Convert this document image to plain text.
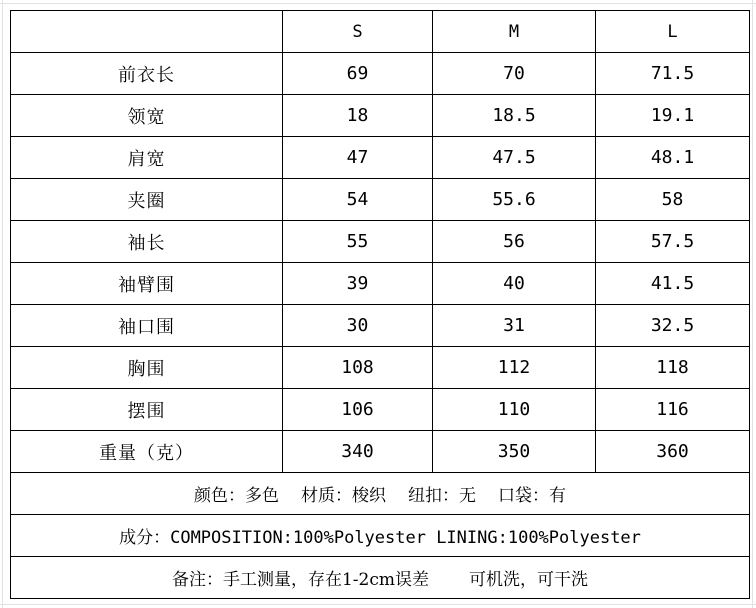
	S	M	L
前衣长	69	70	71.5
领宽	18	18.5	19.1
肩宽	47	47.5	48.1
夹圈	54	55.6	58
袖长	55	56	57.5
袖臂围	39	40	41.5
袖口围	30	31	32.5
胸围	108	112	118
摆围	106	110	116
重量（克）	340	350	360
颜色：多色 材质：梭织 纽扣：无 口袋：有			
成分：COMPOSITION:100%Polyester LINING:100%Polyester			
备注：手工测量，存在1-2cm误差 可机洗，可干洗			
